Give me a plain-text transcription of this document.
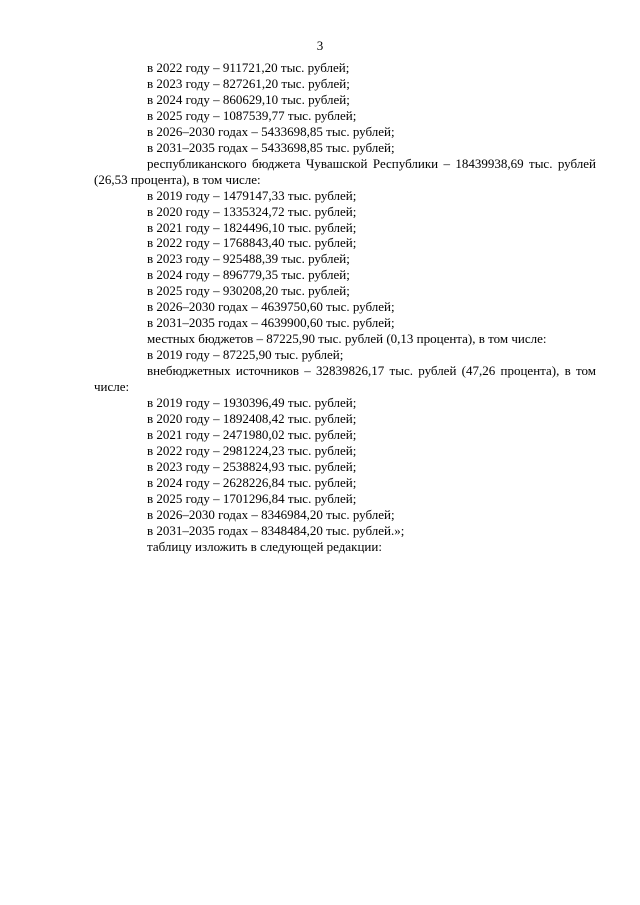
3

в 2022 году – 911721,20 тыс. рублей;

в 2023 году – 827261,20 тыс. рублей;

в 2024 году – 860629,10 тыс. рублей;

в 2025 году – 1087539,77 тыс. рублей;

в 2026–2030 годах – 5433698,85 тыс. рублей;

в 2031–2035 годах – 5433698,85 тыс. рублей;

республиканского бюджета Чувашской Республики – 18439938,69 тыс. рублей (26,53 процента), в том числе:

в 2019 году – 1479147,33 тыс. рублей;

в 2020 году – 1335324,72 тыс. рублей;

в 2021 году – 1824496,10 тыс. рублей;

в 2022 году – 1768843,40 тыс. рублей;

в 2023 году – 925488,39 тыс. рублей;

в 2024 году – 896779,35 тыс. рублей;

в 2025 году – 930208,20 тыс. рублей;

в 2026–2030 годах – 4639750,60 тыс. рублей;

в 2031–2035 годах – 4639900,60 тыс. рублей;

местных бюджетов – 87225,90 тыс. рублей (0,13 процента), в том числе:

в 2019 году – 87225,90 тыс. рублей;

внебюджетных источников – 32839826,17 тыс. рублей (47,26 процента), в том числе:

в 2019 году – 1930396,49 тыс. рублей;

в 2020 году – 1892408,42 тыс. рублей;

в 2021 году – 2471980,02 тыс. рублей;

в 2022 году – 2981224,23 тыс. рублей;

в 2023 году – 2538824,93 тыс. рублей;

в 2024 году – 2628226,84 тыс. рублей;

в 2025 году – 1701296,84 тыс. рублей;

в 2026–2030 годах – 8346984,20 тыс. рублей;

в 2031–2035 годах – 8348484,20 тыс. рублей.»;

таблицу изложить в следующей редакции:
